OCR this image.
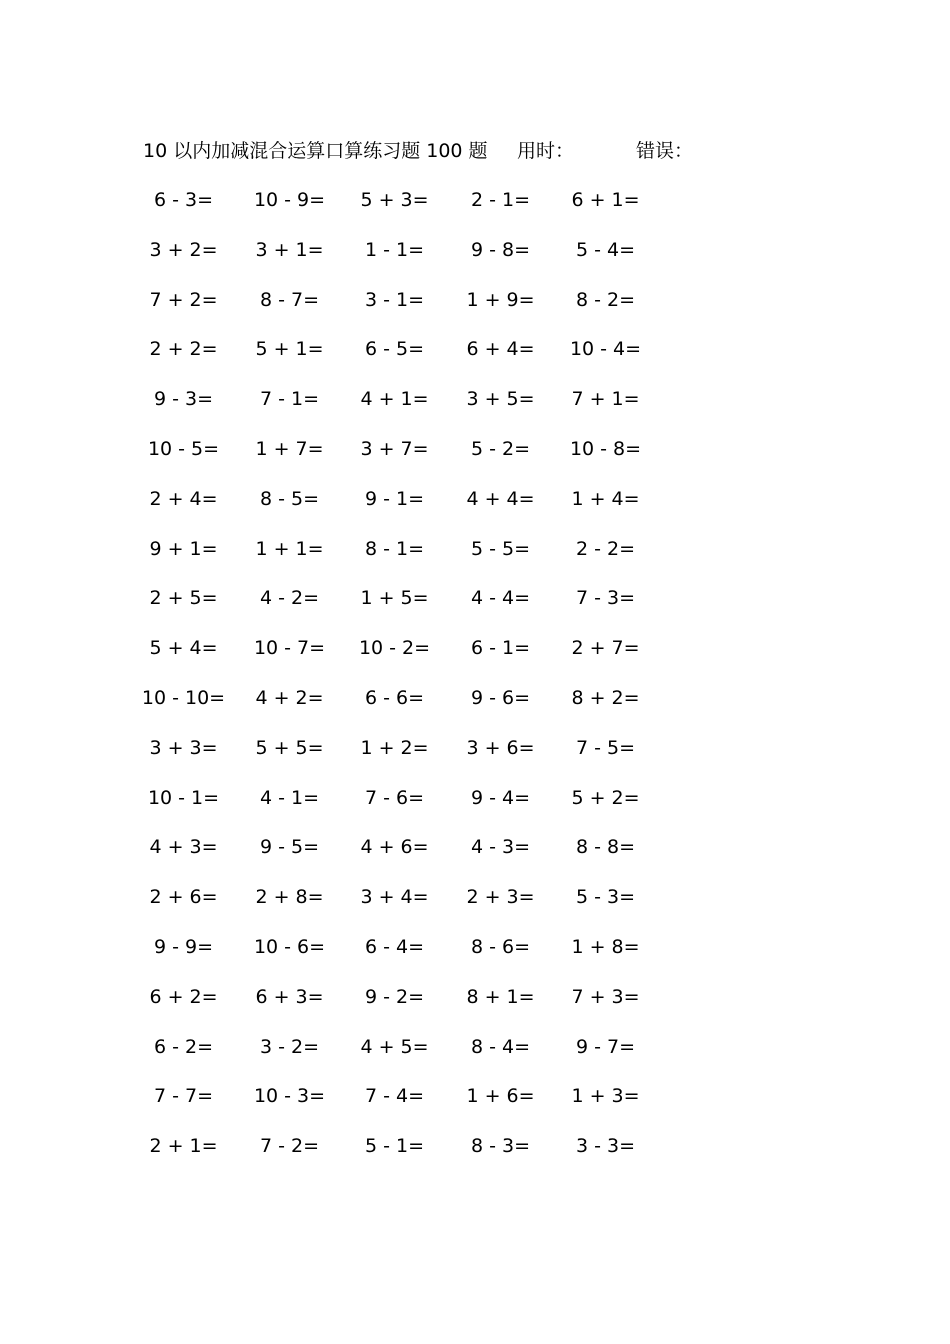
10 以内加减混合运算口算练习题 100 题 用时：	错误：
6 - 3=	10 - 9=	5 + 3=	2 - 1=	6 + 1=
3 + 2=	3 + 1=	1 - 1=	9 - 8=	5 - 4=
7 + 2=	8 - 7=	3 - 1=	1 + 9=	8 - 2=
2 + 2=	5 + 1=	6 - 5=	6 + 4=	10 - 4=
9 - 3=	7 - 1=	4 + 1=	3 + 5=	7 + 1=
10 - 5=	1 + 7=	3 + 7=	5 - 2=	10 - 8=
2 + 4=	8 - 5=	9 - 1=	4 + 4=	1 + 4=
9 + 1=	1 + 1=	8 - 1=	5 - 5=	2 - 2=
2 + 5=	4 - 2=	1 + 5=	4 - 4=	7 - 3=
5 + 4=	10 - 7=	10 - 2=	6 - 1=	2 + 7=
10 - 10=	4 + 2=	6 - 6=	9 - 6=	8 + 2=
3 + 3=	5 + 5=	1 + 2=	3 + 6=	7 - 5=
10 - 1=	4 - 1=	7 - 6=	9 - 4=	5 + 2=
4 + 3=	9 - 5=	4 + 6=	4 - 3=	8 - 8=
2 + 6=	2 + 8=	3 + 4=	2 + 3=	5 - 3=
9 - 9=	10 - 6=	6 - 4=	8 - 6=	1 + 8=
6 + 2=	6 + 3=	9 - 2=	8 + 1=	7 + 3=
6 - 2=	3 - 2=	4 + 5=	8 - 4=	9 - 7=
7 - 7=	10 - 3=	7 - 4=	1 + 6=	1 + 3=
2 + 1=	7 - 2=	5 - 1=	8 - 3=	3 - 3=
